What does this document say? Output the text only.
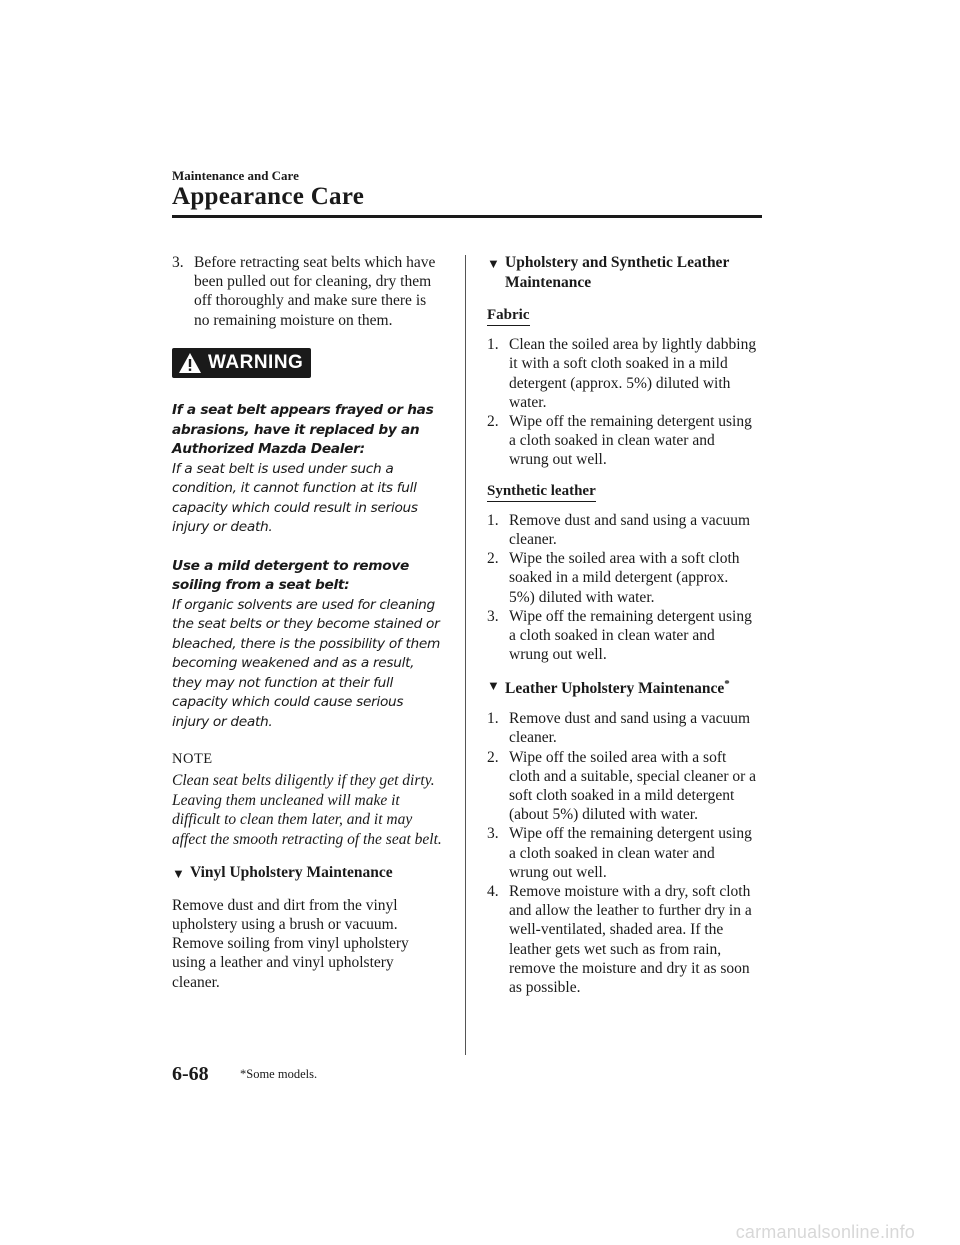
Maintenance and Care
Appearance Care
3. Before retracting seat belts which have been pulled out for cleaning, dry them off thoroughly and make sure there is no remaining moisture on them.
WARNING

If a seat belt appears frayed or has abrasions, have it replaced by an Authorized Mazda Dealer:
If a seat belt is used under such a condition, it cannot function at its full capacity which could result in serious injury or death.

Use a mild detergent to remove soiling from a seat belt:
If organic solvents are used for cleaning the seat belts or they become stained or bleached, there is the possibility of them becoming weakened and as a result, they may not function at their full capacity which could cause serious injury or death.

NOTE

Clean seat belts diligently if they get dirty. Leaving them uncleaned will make it difficult to clean them later, and it may affect the smooth retracting of the seat belt.

▼ Vinyl Upholstery Maintenance

Remove dust and dirt from the vinyl upholstery using a brush or vacuum. Remove soiling from vinyl upholstery using a leather and vinyl upholstery cleaner.

▼ Upholstery and Synthetic Leather Maintenance
Fabric
1. Clean the soiled area by lightly dabbing it with a soft cloth soaked in a mild detergent (approx. 5%) diluted with water.
2. Wipe off the remaining detergent using a cloth soaked in clean water and wrung out well.
Synthetic leather
1. Remove dust and sand using a vacuum cleaner.
2. Wipe the soiled area with a soft cloth soaked in a mild detergent (approx. 5%) diluted with water.
3. Wipe off the remaining detergent using a cloth soaked in clean water and wrung out well.
▼ Leather Upholstery Maintenance*
1. Remove dust and sand using a vacuum cleaner.
2. Wipe off the soiled area with a soft cloth and a suitable, special cleaner or a soft cloth soaked in a mild detergent (about 5%) diluted with water.
3. Wipe off the remaining detergent using a cloth soaked in clean water and wrung out well.
4. Remove moisture with a dry, soft cloth and allow the leather to further dry in a well-ventilated, shaded area. If the leather gets wet such as from rain, remove the moisture and dry it as soon as possible.
6-68	*Some models.
carmanualsonline.info
